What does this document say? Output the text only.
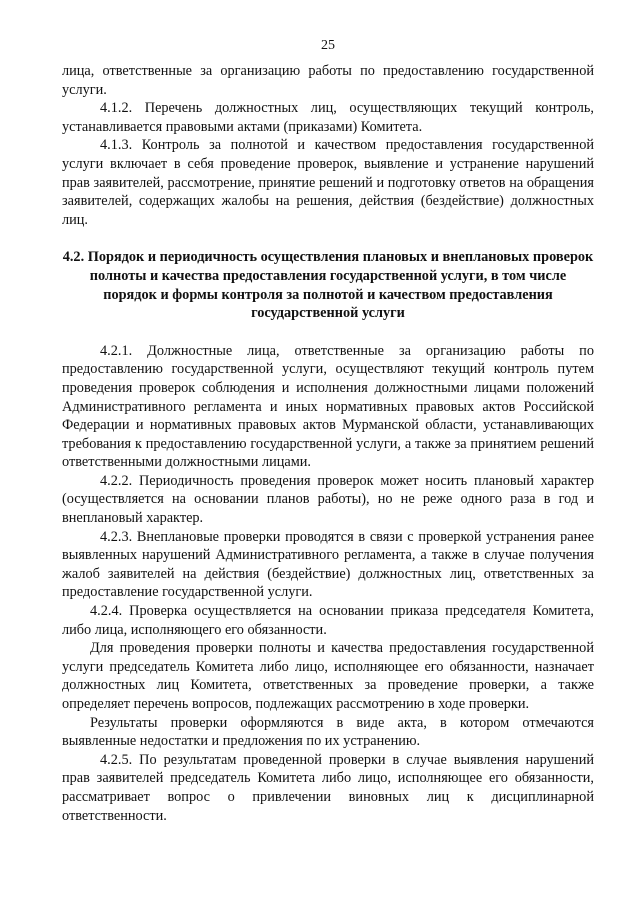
25

лица, ответственные за организацию работы по предоставлению государственной услуги.

4.1.2. Перечень должностных лиц, осуществляющих текущий контроль, устанавливается правовыми актами (приказами) Комитета.

4.1.3. Контроль за полнотой и качеством предоставления государственной услуги включает в себя проведение проверок, выявление и устранение нарушений прав заявителей, рассмотрение, принятие решений и подготовку ответов на обращения заявителей, содержащих жалобы на решения, действия (бездействие) должностных лиц.

4.2. Порядок и периодичность осуществления плановых и внеплановых проверок полноты и качества предоставления государственной услуги, в том числе порядок и формы контроля за полнотой и качеством предоставления государственной услуги

4.2.1. Должностные лица, ответственные за организацию работы по предоставлению государственной услуги, осуществляют текущий контроль путем проведения проверок соблюдения и исполнения должностными лицами положений Административного регламента и иных нормативных правовых актов Российской Федерации и нормативных правовых актов Мурманской области, устанавливающих требования к предоставлению государственной услуги, а также за принятием решений ответственными должностными лицами.

4.2.2. Периодичность проведения проверок может носить плановый характер (осуществляется на основании планов работы), но не реже одного раза в год и внеплановый характер.

4.2.3. Внеплановые проверки проводятся в связи с проверкой устранения ранее выявленных нарушений Административного регламента, а также в случае получения жалоб заявителей на действия (бездействие) должностных лиц, ответственных за предоставление государственной услуги.

4.2.4. Проверка осуществляется на основании приказа председателя Комитета, либо лица, исполняющего его обязанности.

Для проведения проверки полноты и качества предоставления государственной услуги председатель Комитета либо лицо, исполняющее его обязанности, назначает должностных лиц Комитета, ответственных за проведение проверки, а также определяет перечень вопросов, подлежащих рассмотрению в ходе проверки.

Результаты проверки оформляются в виде акта, в котором отмечаются выявленные недостатки и предложения по их устранению.

4.2.5. По результатам проведенной проверки в случае выявления нарушений прав заявителей председатель Комитета либо лицо, исполняющее его обязанности, рассматривает вопрос о привлечении виновных лиц к дисциплинарной ответственности.
